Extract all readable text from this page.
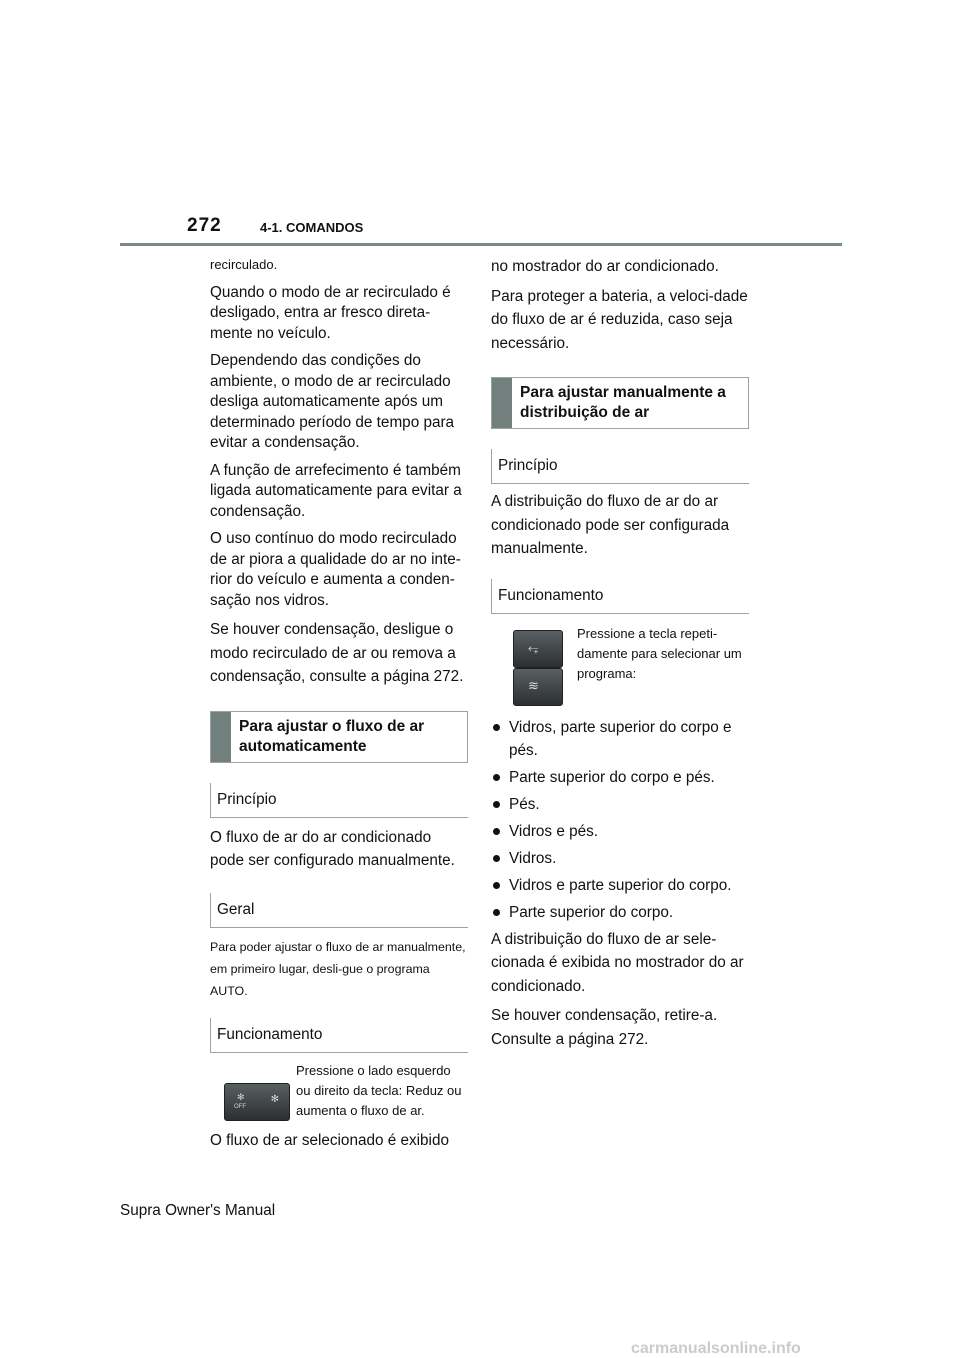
272	4-1. COMANDOS

recirculado.

Quando o modo de ar recirculado é desligado, entra ar fresco direta-mente no veículo.

Dependendo das condições do ambiente, o modo de ar recirculado desliga automaticamente após um determinado período de tempo para evitar a condensação.

A função de arrefecimento é também ligada automaticamente para evitar a condensação.

O uso contínuo do modo recirculado de ar piora a qualidade do ar no inte-rior do veículo e aumenta a conden-sação nos vidros.

Se houver condensação, desligue o modo recirculado de ar ou remova a condensação, consulte a página 272.

Para ajustar o fluxo de ar automaticamente

Princípio

O fluxo de ar do ar condicionado pode ser configurado manualmente.

Geral

Para poder ajustar o fluxo de ar manualmente, em primeiro lugar, desli-gue o programa AUTO.

Funcionamento

✻
OFF
✻
Pressione o lado esquerdo ou direito da tecla: Reduz ou aumenta o fluxo de ar.

O fluxo de ar selecionado é exibido

no mostrador do ar condicionado.

Para proteger a bateria, a veloci-dade do fluxo de ar é reduzida, caso seja necessário.

Para ajustar manualmente a distribuição de ar

Princípio

A distribuição do fluxo de ar do ar condicionado pode ser configurada manualmente.

Funcionamento

⥆
≋
Pressione a tecla repeti-damente para selecionar um programa:
Vidros, parte superior do corpo e pés.
Parte superior do corpo e pés.
Pés.
Vidros e pés.
Vidros.
Vidros e parte superior do corpo.
Parte superior do corpo.

A distribuição do fluxo de ar sele-cionada é exibida no mostrador do ar condicionado.

Se houver condensação, retire-a. Consulte a página 272.

Supra Owner's Manual
carmanualsonline.info
